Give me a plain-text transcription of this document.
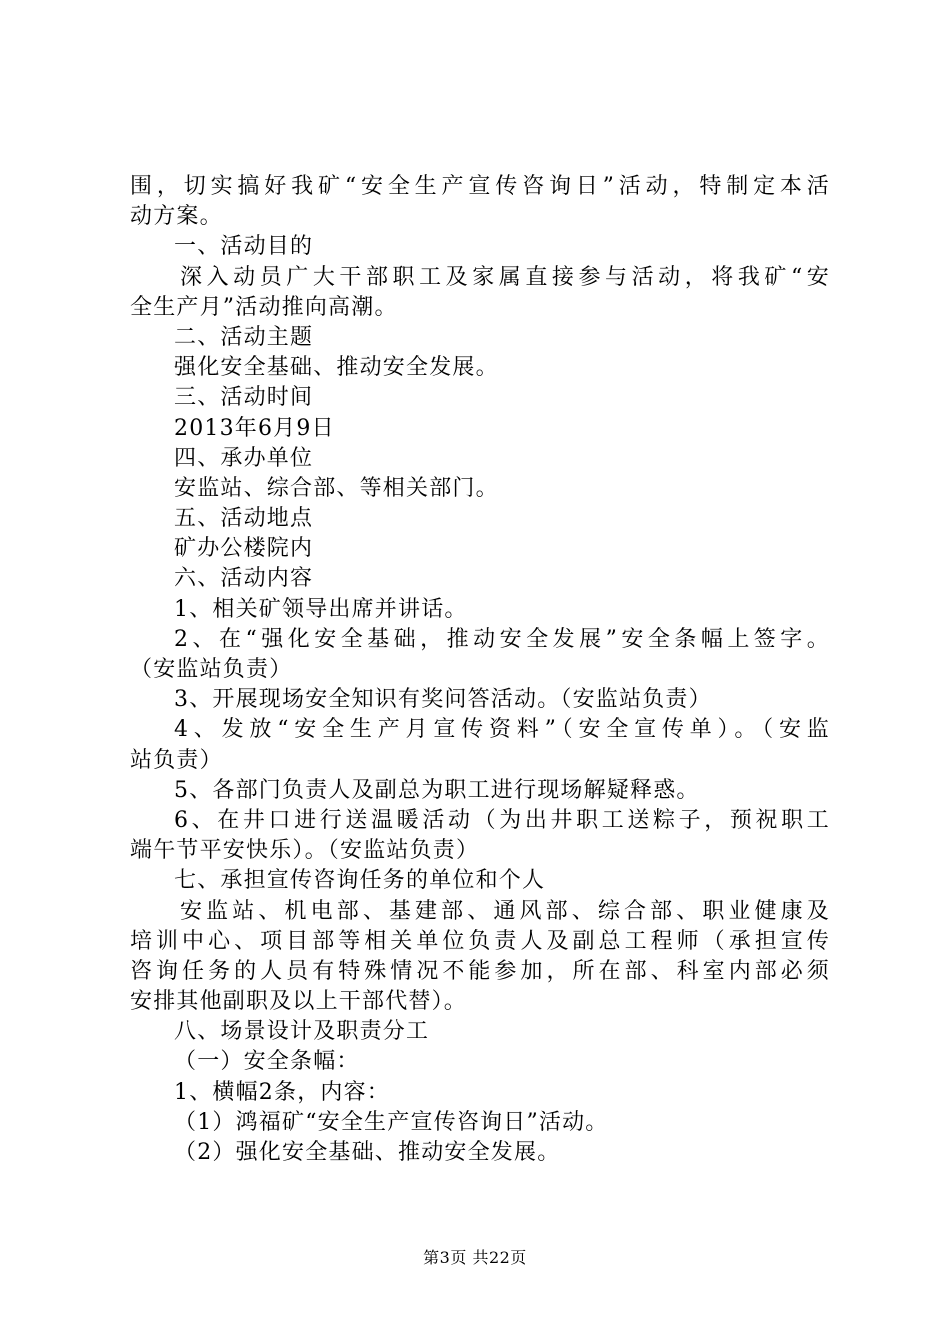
围，切实搞好我矿“安全生产宣传咨询日”活动，特制定本活
动方案。
一、活动目的
深入动员广大干部职工及家属直接参与活动，将我矿“安
全生产月”活动推向高潮。
二、活动主题
强化安全基础、推动安全发展。
三、活动时间
2013年6月9日
四、承办单位
安监站、综合部、等相关部门。
五、活动地点
矿办公楼院内
六、活动内容
1、相关矿领导出席并讲话。
2、在“强化安全基础，推动安全发展”安全条幅上签字。
（安监站负责）
3、开展现场安全知识有奖问答活动。（安监站负责）
4、发放“安全生产月宣传资料”（安全宣传单）。（安监
站负责）
5、各部门负责人及副总为职工进行现场解疑释惑。
6、在井口进行送温暖活动（为出井职工送粽子，预祝职工
端午节平安快乐）。（安监站负责）
七、承担宣传咨询任务的单位和个人
安监站、机电部、基建部、通风部、综合部、职业健康及
培训中心、项目部等相关单位负责人及副总工程师（承担宣传
咨询任务的人员有特殊情况不能参加，所在部、科室内部必须
安排其他副职及以上干部代替）。
八、场景设计及职责分工
（一）安全条幅：
1、横幅2条，内容：
（1）鸿福矿“安全生产宣传咨询日”活动。
（2）强化安全基础、推动安全发展。
第3页 共22页
